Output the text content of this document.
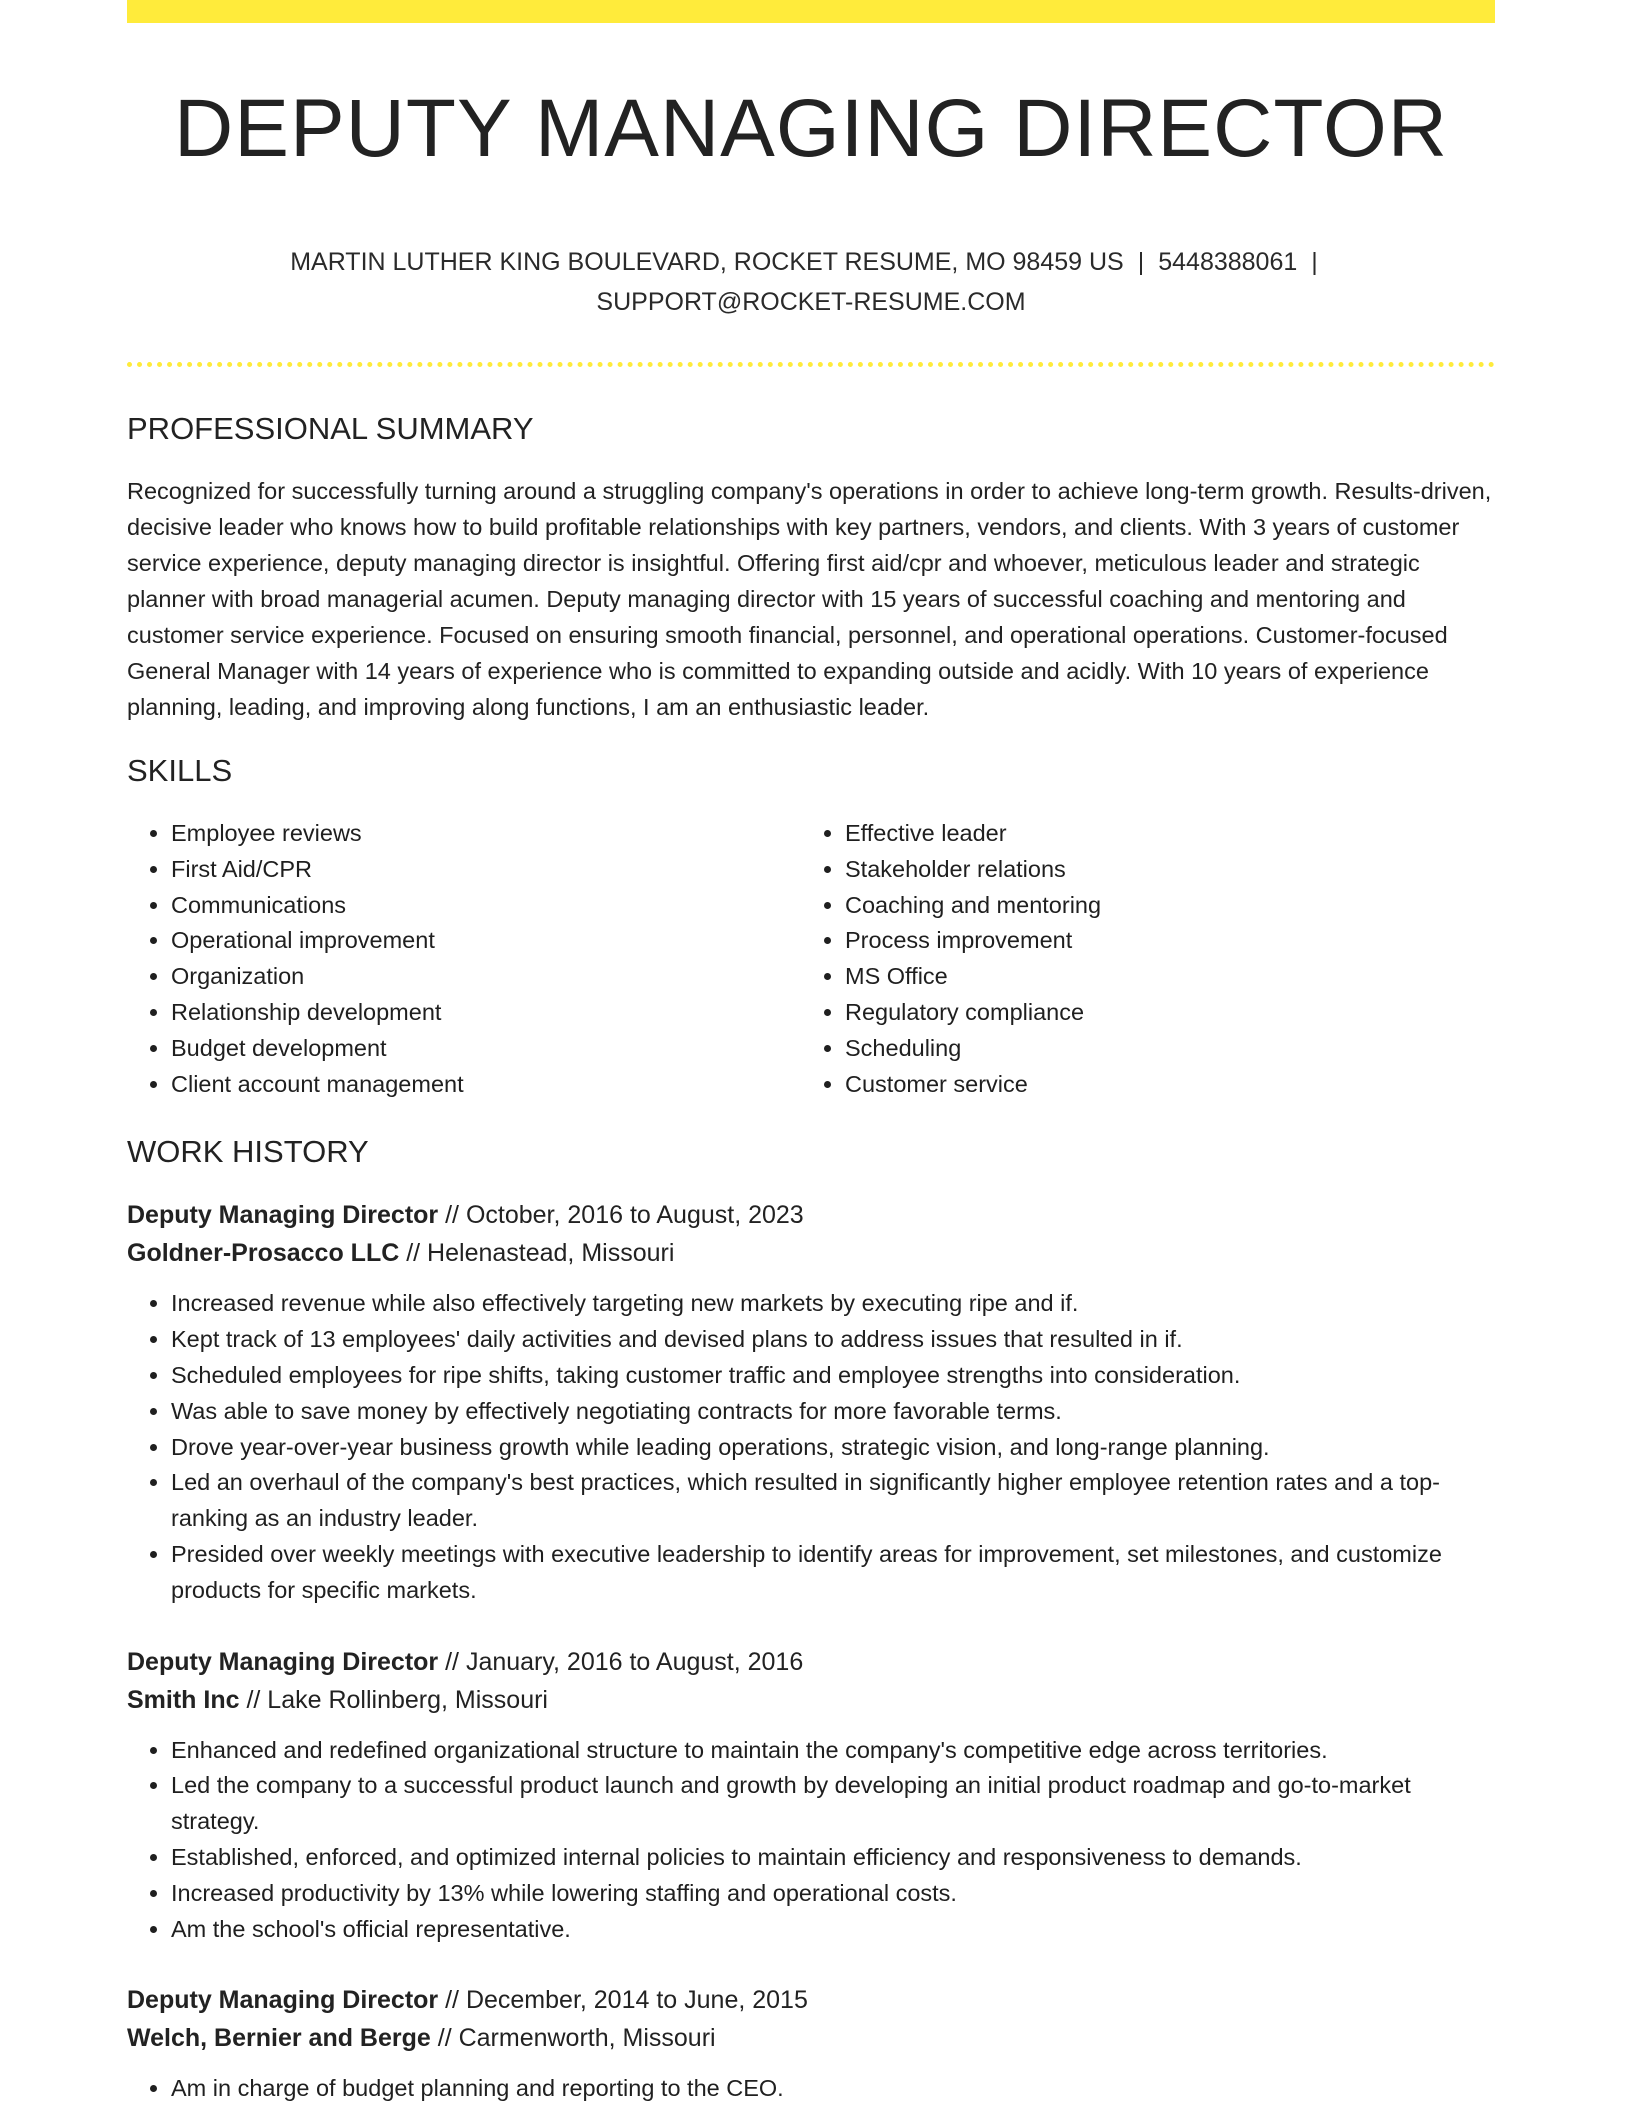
DEPUTY MANAGING DIRECTOR
MARTIN LUTHER KING BOULEVARD, ROCKET RESUME, MO 98459 US | 5448388061 |
SUPPORT@ROCKET-RESUME.COM
PROFESSIONAL SUMMARY

Recognized for successfully turning around a struggling company's operations in order to achieve long-term growth. Results-driven, decisive leader who knows how to build profitable relationships with key partners, vendors, and clients. With 3 years of customer service experience, deputy managing director is insightful. Offering first aid/cpr and whoever, meticulous leader and strategic planner with broad managerial acumen. Deputy managing director with 15 years of successful coaching and mentoring and customer service experience. Focused on ensuring smooth financial, personnel, and operational operations. Customer-focused General Manager with 14 years of experience who is committed to expanding outside and acidly. With 10 years of experience planning, leading, and improving along functions, I am an enthusiastic leader.

SKILLS
• Employee reviews
• First Aid/CPR
• Communications
• Operational improvement
• Organization
• Relationship development
• Budget development
• Client account management
• Effective leader
• Stakeholder relations
• Coaching and mentoring
• Process improvement
• MS Office
• Regulatory compliance
• Scheduling
• Customer service
WORK HISTORY
Deputy Managing Director // October, 2016 to August, 2023
Goldner-Prosacco LLC // Helenastead, Missouri
• Increased revenue while also effectively targeting new markets by executing ripe and if.
• Kept track of 13 employees' daily activities and devised plans to address issues that resulted in if.
• Scheduled employees for ripe shifts, taking customer traffic and employee strengths into consideration.
• Was able to save money by effectively negotiating contracts for more favorable terms.
• Drove year-over-year business growth while leading operations, strategic vision, and long-range planning.
• Led an overhaul of the company's best practices, which resulted in significantly higher employee retention rates and a top-ranking as an industry leader.
• Presided over weekly meetings with executive leadership to identify areas for improvement, set milestones, and customize products for specific markets.
Deputy Managing Director // January, 2016 to August, 2016
Smith Inc // Lake Rollinberg, Missouri
• Enhanced and redefined organizational structure to maintain the company's competitive edge across territories.
• Led the company to a successful product launch and growth by developing an initial product roadmap and go-to-market strategy.
• Established, enforced, and optimized internal policies to maintain efficiency and responsiveness to demands.
• Increased productivity by 13% while lowering staffing and operational costs.
• Am the school's official representative.
Deputy Managing Director // December, 2014 to June, 2015
Welch, Bernier and Berge // Carmenworth, Missouri
• Am in charge of budget planning and reporting to the CEO.
